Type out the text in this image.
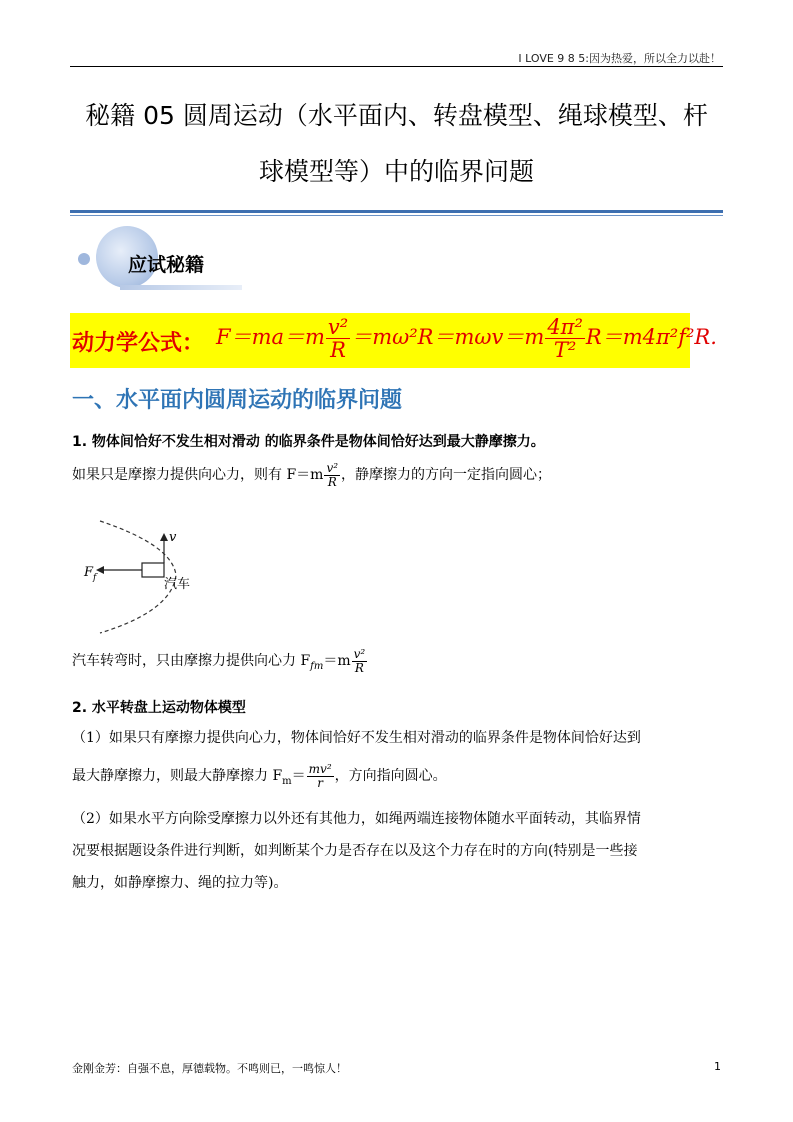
I LOVE 9 8 5:因为热爱，所以全力以赴！
秘籍 05 圆周运动（水平面内、转盘模型、绳球模型、杆
球模型等）中的临界问题
应试秘籍
动力学公式： $F=ma=m \frac{\text{v²}}{R} =m\omega^2R=m\omega v=m \frac{\text{4π²}}{\text{T²}} R=m4\pi^2f^2R$.
一、水平面内圆周运动的临界问题
1. 物体间恰好不发生相对滑动 的临界条件是物体间恰好达到最大静摩擦力。
如果只是摩擦力提供向心力，则有 $F=m \frac{\text{v²}}{R}$ ，静摩擦力的方向一定指向圆心；
v
$F_f$	汽车
汽车转弯时，只由摩擦力提供向心力 $F_{fm}=m \frac{\text{v²}}{R}$
2. 水平转盘上运动物体模型
（1）如果只有摩擦力提供向心力，物体间恰好不发生相对滑动的临界条件是物体间恰好达到
最大静摩擦力，则最大静摩擦力 $F_m= \frac{\text{mv²}}{r}$ ，方向指向圆心。
（2）如果水平方向除受摩擦力以外还有其他力，如绳两端连接物体随水平面转动，其临界情
况要根据题设条件进行判断，如判断某个力是否存在以及这个力存在时的方向(特别是一些接
触力，如静摩擦力、绳的拉力等)。
金刚金芳：自强不息，厚德载物。不鸣则已，一鸣惊人！	1
